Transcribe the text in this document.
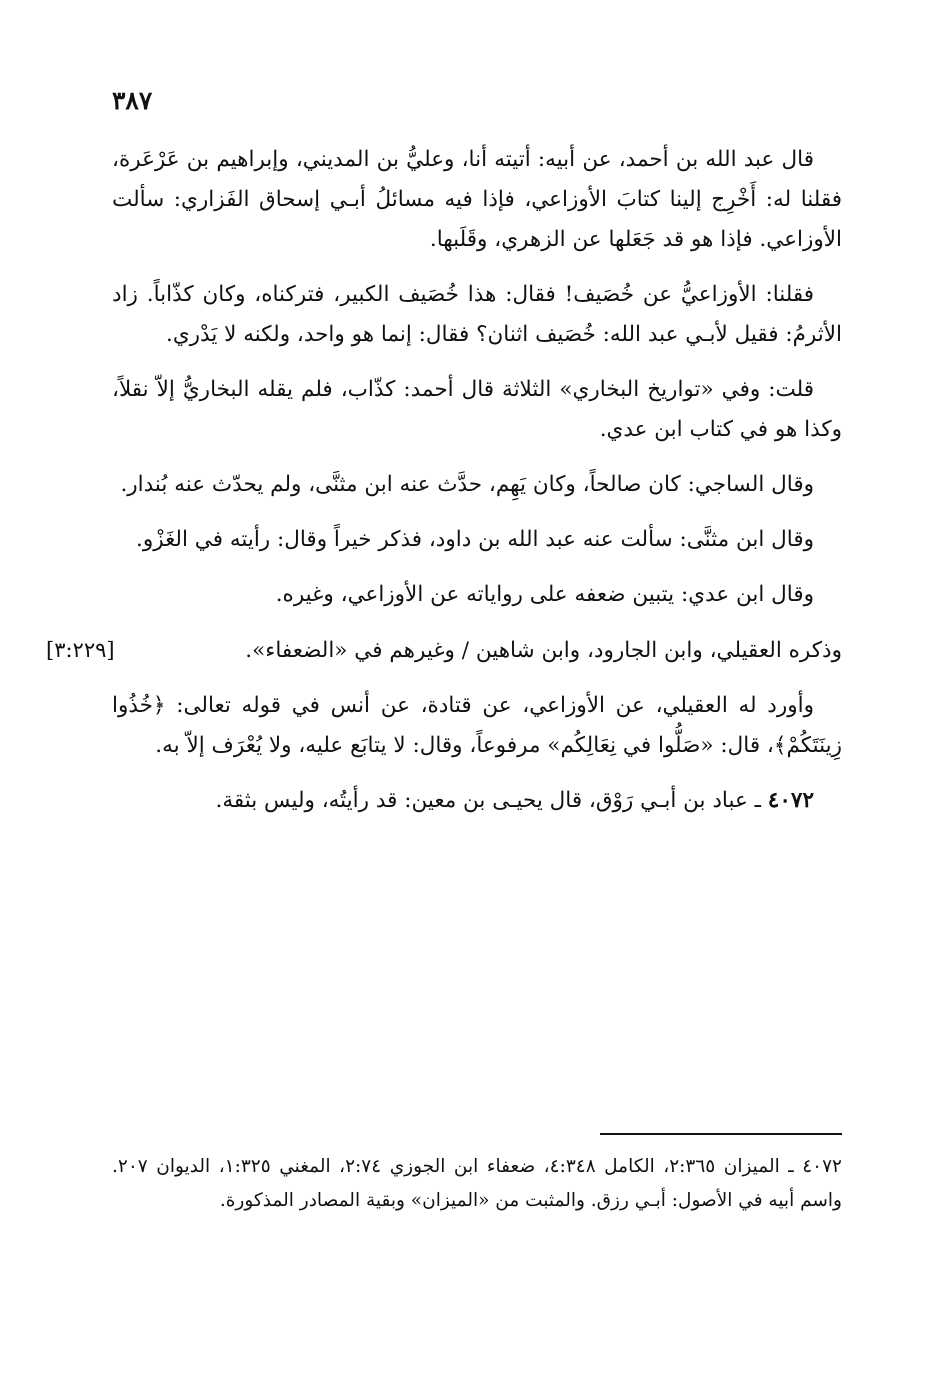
٣٨٧

قال عبد الله بن أحمد، عن أبيه: أتيته أنا، وعليُّ بن المديني، وإبراهيم بن عَرْعَرة، فقلنا له: أَخْرِج إلينا كتابَ الأوزاعي، فإذا فيه مسائلُ أبـي إسحاق الفَزاري: سألت الأوزاعي. فإذا هو قد جَعَلها عن الزهري، وقَلَبها.

فقلنا: الأوزاعيُّ عن خُصَيف! فقال: هذا خُصَيف الكبير، فتركناه، وكان كذّاباً. زاد الأثرمُ: فقيل لأبـي عبد الله: خُصَيف اثنان؟ فقال: إنما هو واحد، ولكنه لا يَدْري.

قلت: وفي «تواريخ البخاري» الثلاثة قال أحمد: كذّاب، فلم يقله البخاريُّ إلاّ نقلاً، وكذا هو في كتاب ابن عدي.

وقال الساجي: كان صالحاً، وكان يَهِم، حدَّث عنه ابن مثنَّى، ولم يحدّث عنه بُندار.

وقال ابن مثنَّى: سألت عنه عبد الله بن داود، فذكر خيراً وقال: رأيته في الغَزْو.

وقال ابن عدي: يتبين ضعفه على رواياته عن الأوزاعي، وغيره.

وذكره العقيلي، وابن الجارود، وابن شاهين / وغيرهم في «الضعفاء».
[٣:٢٢٩]

وأورد له العقيلي، عن الأوزاعي، عن قتادة، عن أنس في قوله تعالى: ﴿خُذُوا زِينَتَكُمْ﴾، قال: «صَلُّوا في نِعَالِكُم» مرفوعاً، وقال: لا يتابَع عليه، ولا يُعْرَف إلاّ به.

٤٠٧٢ ـ عباد بن أبـي رَوْق، قال يحيـى بن معين: قد رأيتُه، وليس بثقة.

٤٠٧٢ ـ الميزان ٢:٣٦٥، الكامل ٤:٣٤٨، ضعفاء ابن الجوزي ٢:٧٤، المغني ١:٣٢٥، الديوان ٢٠٧. واسم أبيه في الأصول: أبـي رزق. والمثبت من «الميزان» وبقية المصادر المذكورة.
